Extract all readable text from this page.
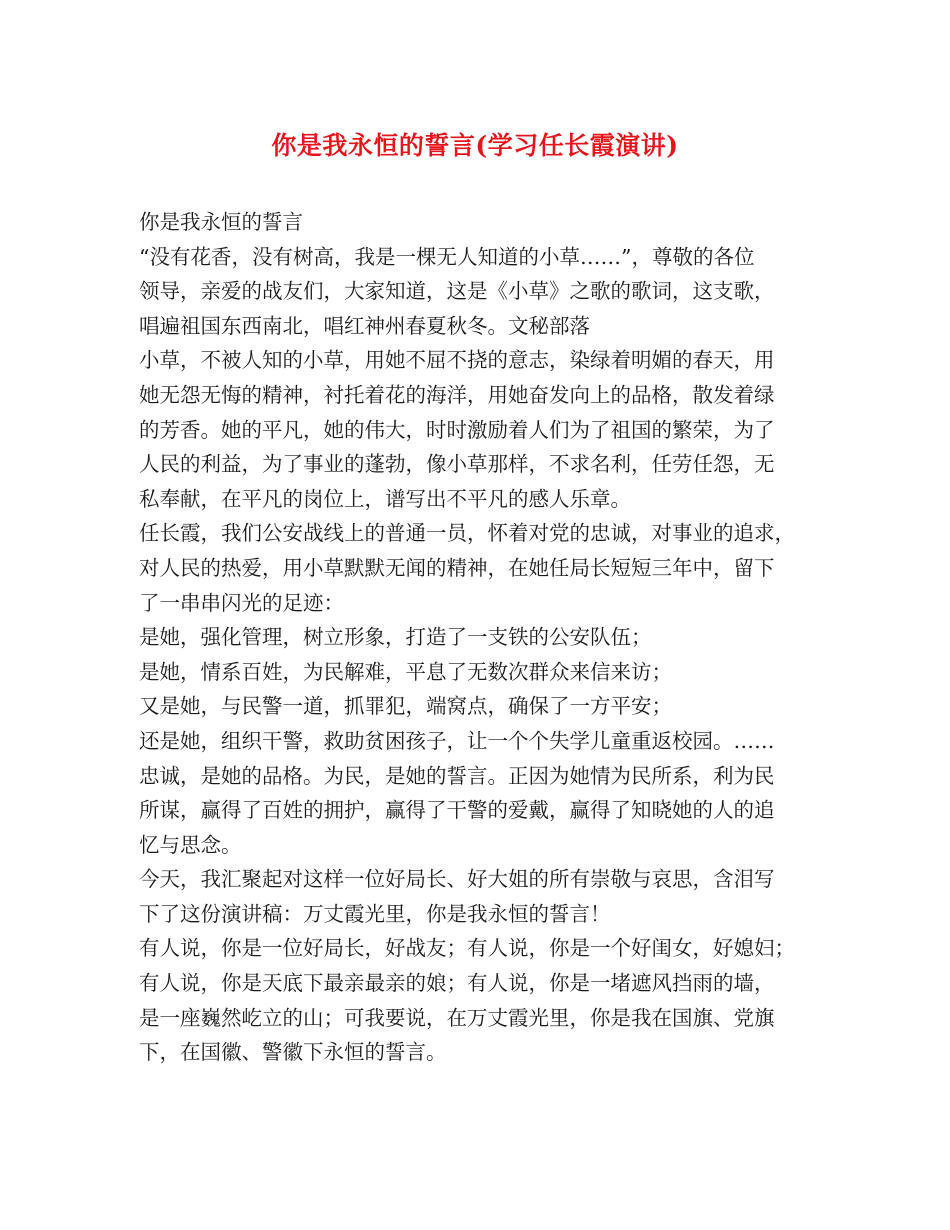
你是我永恒的誓言(学习任长霞演讲)
你是我永恒的誓言
“没有花香，没有树高，我是一棵无人知道的小草……”，尊敬的各位
领导，亲爱的战友们，大家知道，这是《小草》之歌的歌词，这支歌，
唱遍祖国东西南北，唱红神州春夏秋冬。文秘部落
小草，不被人知的小草，用她不屈不挠的意志，染绿着明媚的春天，用
她无怨无悔的精神，衬托着花的海洋，用她奋发向上的品格，散发着绿
的芳香。她的平凡，她的伟大，时时激励着人们为了祖国的繁荣，为了
人民的利益，为了事业的蓬勃，像小草那样，不求名利，任劳任怨，无
私奉献，在平凡的岗位上，谱写出不平凡的感人乐章。
任长霞，我们公安战线上的普通一员，怀着对党的忠诚，对事业的追求，
对人民的热爱，用小草默默无闻的精神，在她任局长短短三年中，留下
了一串串闪光的足迹：
是她，强化管理，树立形象，打造了一支铁的公安队伍；
是她，情系百姓，为民解难，平息了无数次群众来信来访；
又是她，与民警一道，抓罪犯，端窝点，确保了一方平安；
还是她，组织干警，救助贫困孩子，让一个个失学儿童重返校园。……
忠诚，是她的品格。为民，是她的誓言。正因为她情为民所系，利为民
所谋，赢得了百姓的拥护，赢得了干警的爱戴，赢得了知晓她的人的追
忆与思念。
今天，我汇聚起对这样一位好局长、好大姐的所有崇敬与哀思，含泪写
下了这份演讲稿：万丈霞光里，你是我永恒的誓言！
有人说，你是一位好局长，好战友；有人说，你是一个好闺女，好媳妇；
有人说，你是天底下最亲最亲的娘；有人说，你是一堵遮风挡雨的墙，
是一座巍然屹立的山；可我要说，在万丈霞光里，你是我在国旗、党旗
下，在国徽、警徽下永恒的誓言。
